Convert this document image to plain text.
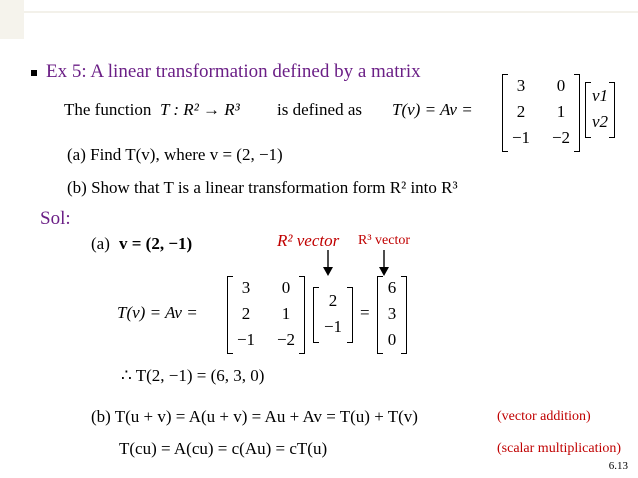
Ex 5: A linear transformation defined by a matrix
The function T : R² → R³ is defined as T(v) = Av =
3	0
2	1
−1 −2
v1
v2
(a) Find T(v), where v = (2, −1)
(b) Show that T is a linear transformation form R² into R³
Sol:
(a) v = (2, −1)	R² vector R³ vector
T(v) = Av =
3	0
2	1
−1 −2
2
−1
=
6
3
0
∴ T(2, −1) = (6, 3, 0)
(b) T(u + v) = A(u + v) = Au + Av = T(u) + T(v)	(vector addition)
T(cu) = A(cu) = c(Au) = cT(u)	(scalar multiplication)
6.13
